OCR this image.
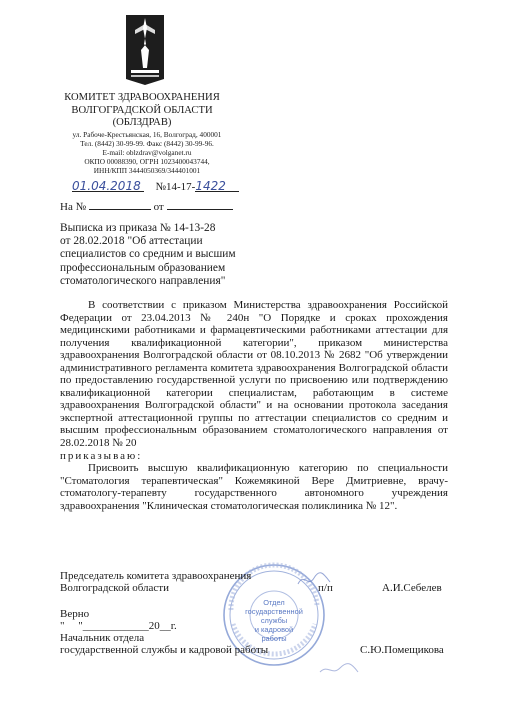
КОМИТЕТ ЗДРАВООХРАНЕНИЯ
ВОЛГОГРАДСКОЙ ОБЛАСТИ
(ОБЛЗДРАВ)
ул. Рабоче-Крестьянская, 16, Волгоград, 400001
Тел. (8442) 30-99-99. Факс (8442) 30-99-96.
E-mail: oblzdrav@volganet.ru
ОКПО 00088390, ОГРН 1023400043744,
ИНН/КПП 3444050369/344401001
01.04.2018 №14-17-1422
На №	от
Выписка из приказа № 14-13-28
от 28.02.2018 "Об аттестации
специалистов со средним и высшим
профессиональным образованием
стоматологического направления"

В соответствии с приказом Министерства здравоохранения Российской Федерации от 23.04.2013 № 240н "О Порядке и сроках прохождения медицинскими работниками и фармацевтическими работниками аттестации для получения квалификационной категории", приказом министерства здравоохранения Волгоградской области от 08.10.2013 № 2682 "Об утверждении административного регламента комитета здравоохранения Волгоградской области по предоставлению государственной услуги по присвоению или подтверждению квалификационной категории специалистам, работающим в системе здравоохранения Волгоградской области" и на основании протокола заседания экспертной аттестационной группы по аттестации специалистов со средним и высшим профессиональным образованием стоматологического направления от 28.02.2018 № 20

приказываю:

Присвоить высшую квалификационную категорию по специальности "Стоматология терапевтическая" Кожемякиной Вере Дмитриевне, врачу-стоматологу-терапевту государственного автономного учреждения здравоохранения "Клиническая стоматологическая поликлиника № 12".

Отдел
государственной
службы
и кадровой
работы
Председатель комитета здравоохранения
Волгоградской области	п/п	А.И.Себелев
Верно
"     "____________20__г.
Начальник отдела
государственной службы и кадровой работы	С.Ю.Помещикова
